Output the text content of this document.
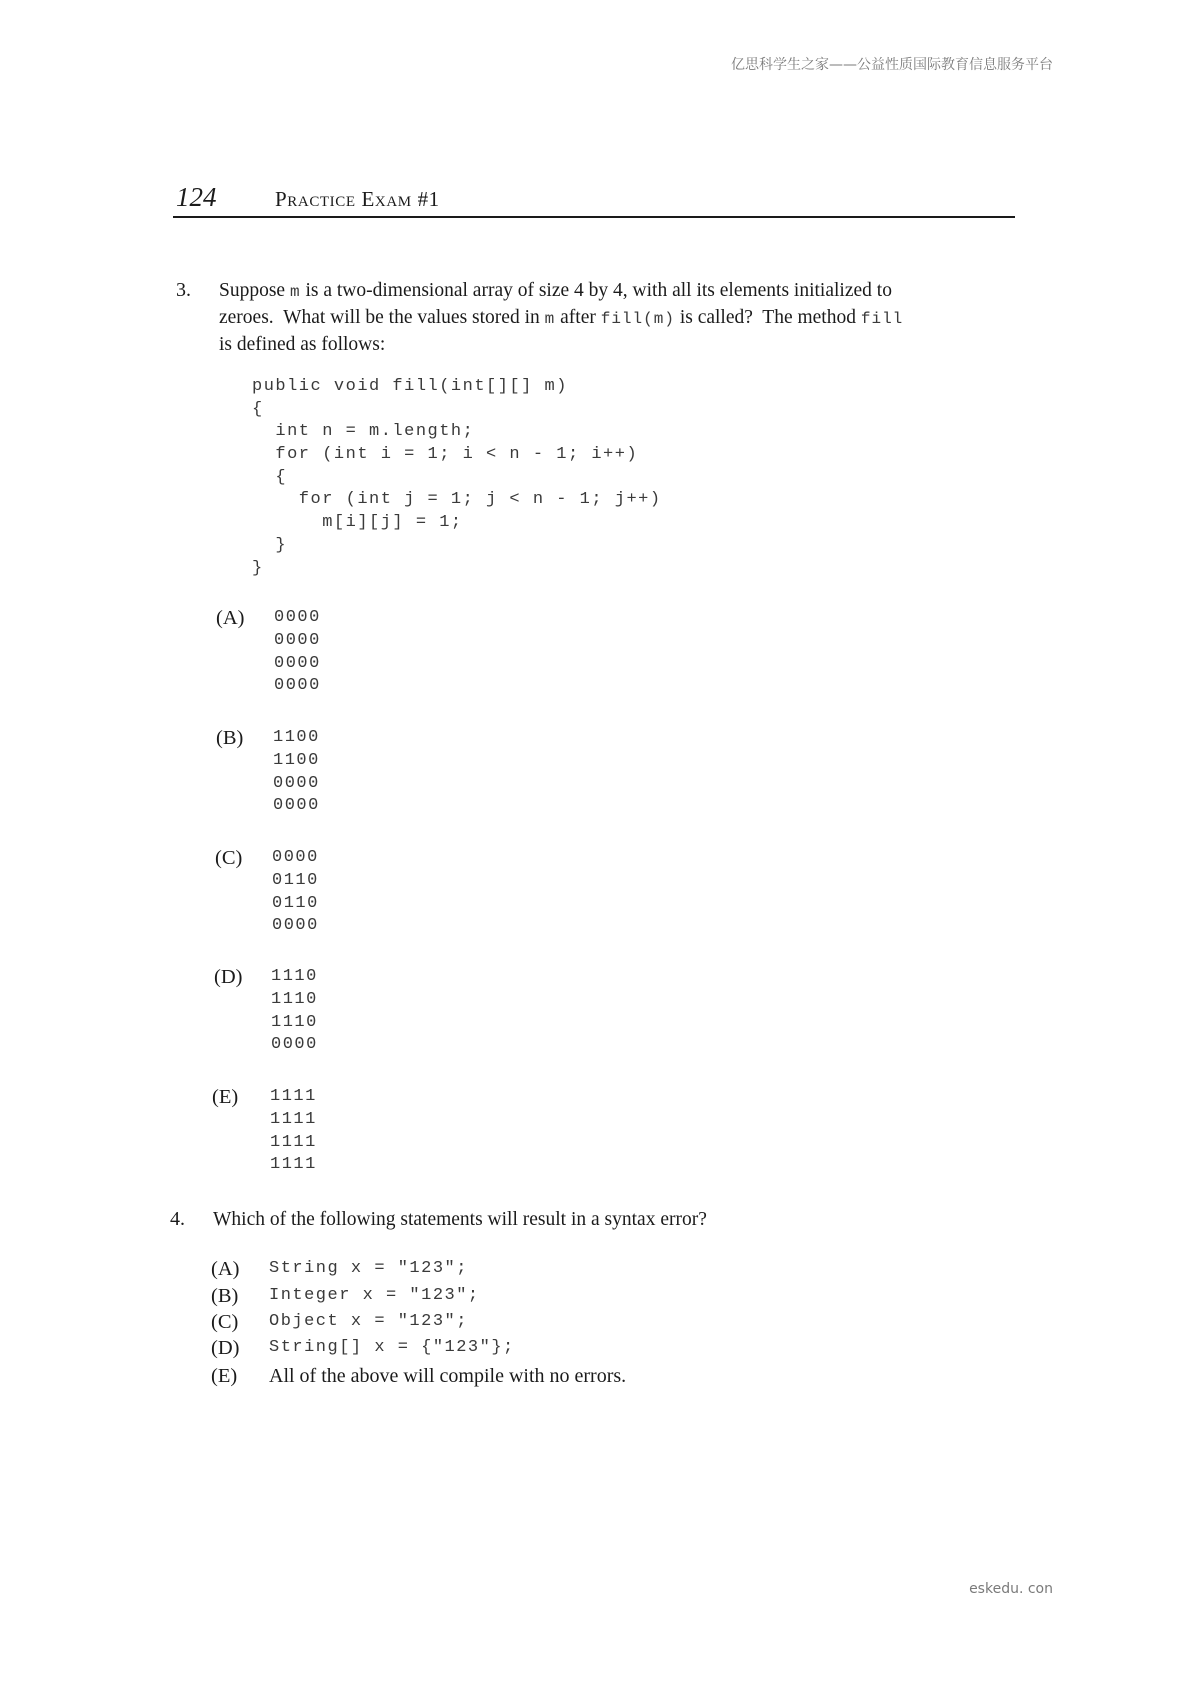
亿思科学生之家——公益性质国际教育信息服务平台
124	Practice Exam #1
3. Suppose m is a two-dimensional array of size 4 by 4, with all its elements initialized to
zeroes.  What will be the values stored in m after fill(m) is called?  The method fill
is defined as follows:
public void fill(int[][] m)
{
int n = m.length;
for (int i = 1; i < n - 1; i++)
{
for (int j = 1; j < n - 1; j++)
m[i][j] = 1;
}
}
(A) 0000
0000
0000
0000
(B) 1100
1100
0000
0000
(C) 0000
0110
0110
0000
(D) 1110
1110
1110
0000
(E) 1111
1111
1111
1111
4. Which of the following statements will result in a syntax error?
(A) String x = "123";
(B) Integer x = "123";
(C) Object x = "123";
(D) String[] x = {"123"};
(E) All of the above will compile with no errors.
eskedu. con
